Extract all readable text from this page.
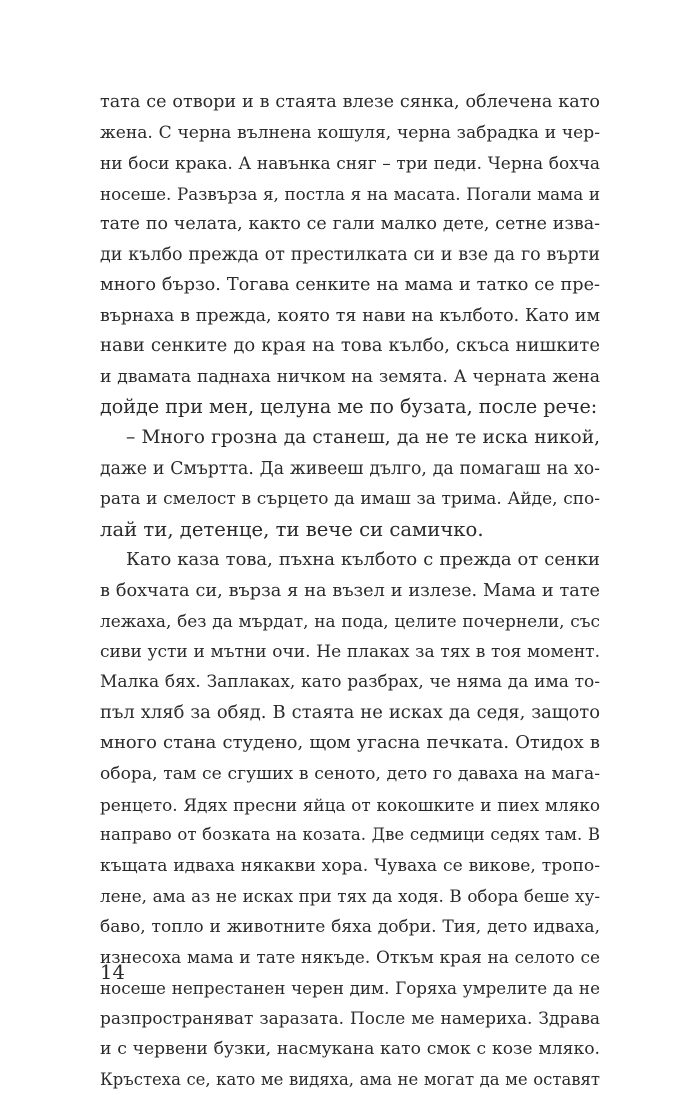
тата се отвори и в стаята влезе сянка, облечена като
жена. С черна вълнена кошуля, черна забрадка и чер-
ни боси крака. А навънка сняг – три педи. Черна бохча
носеше. Развърза я, постла я на масата. Погали мама и
тате по челата, както се гали малко дете, сетне изва-
ди кълбо прежда от престилката си и взе да го върти
много бързо. Тогава сенките на мама и татко се пре-
върнаха в прежда, която тя нави на кълбото. Като им
нави сенките до края на това кълбо, скъса нишките
и двамата паднаха ничком на земята. А черната жена
дойде при мен, целуна ме по бузата, после рече:
– Много грозна да станеш, да не те иска никой,
даже и Смъртта. Да живееш дълго, да помагаш на хо-
рата и смелост в сърцето да имаш за трима. Айде, спо-
лай ти, детенце, ти вече си самичко.
Като каза това, пъхна кълбото с прежда от сенки
в бохчата си, върза я на възел и излезе. Мама и тате
лежаха, без да мърдат, на пода, целите почернели, със
сиви усти и мътни очи. Не плаках за тях в тоя момент.
Малка бях. Заплаках, като разбрах, че няма да има то-
пъл хляб за обяд. В стаята не исках да седя, защото
много стана студено, щом угасна печката. Отидох в
обора, там се сгуших в сеното, дето го даваха на мага-
ренцето. Ядях пресни яйца от кокошките и пиех мляко
направо от бозката на козата. Две седмици седях там. В
къщата идваха някакви хора. Чуваха се викове, тропо-
лене, ама аз не исках при тях да ходя. В обора беше ху-
баво, топло и животните бяха добри. Тия, дето идваха,
изнесоха мама и тате някъде. Откъм края на селото се
носеше непрестанен черен дим. Горяха умрелите да не
разпространяват заразата. После ме намериха. Здрава
и с червени бузки, насмукана като смок с козе мляко.
Кръстеха се, като ме видяха, ама не могат да ме оставят
14
